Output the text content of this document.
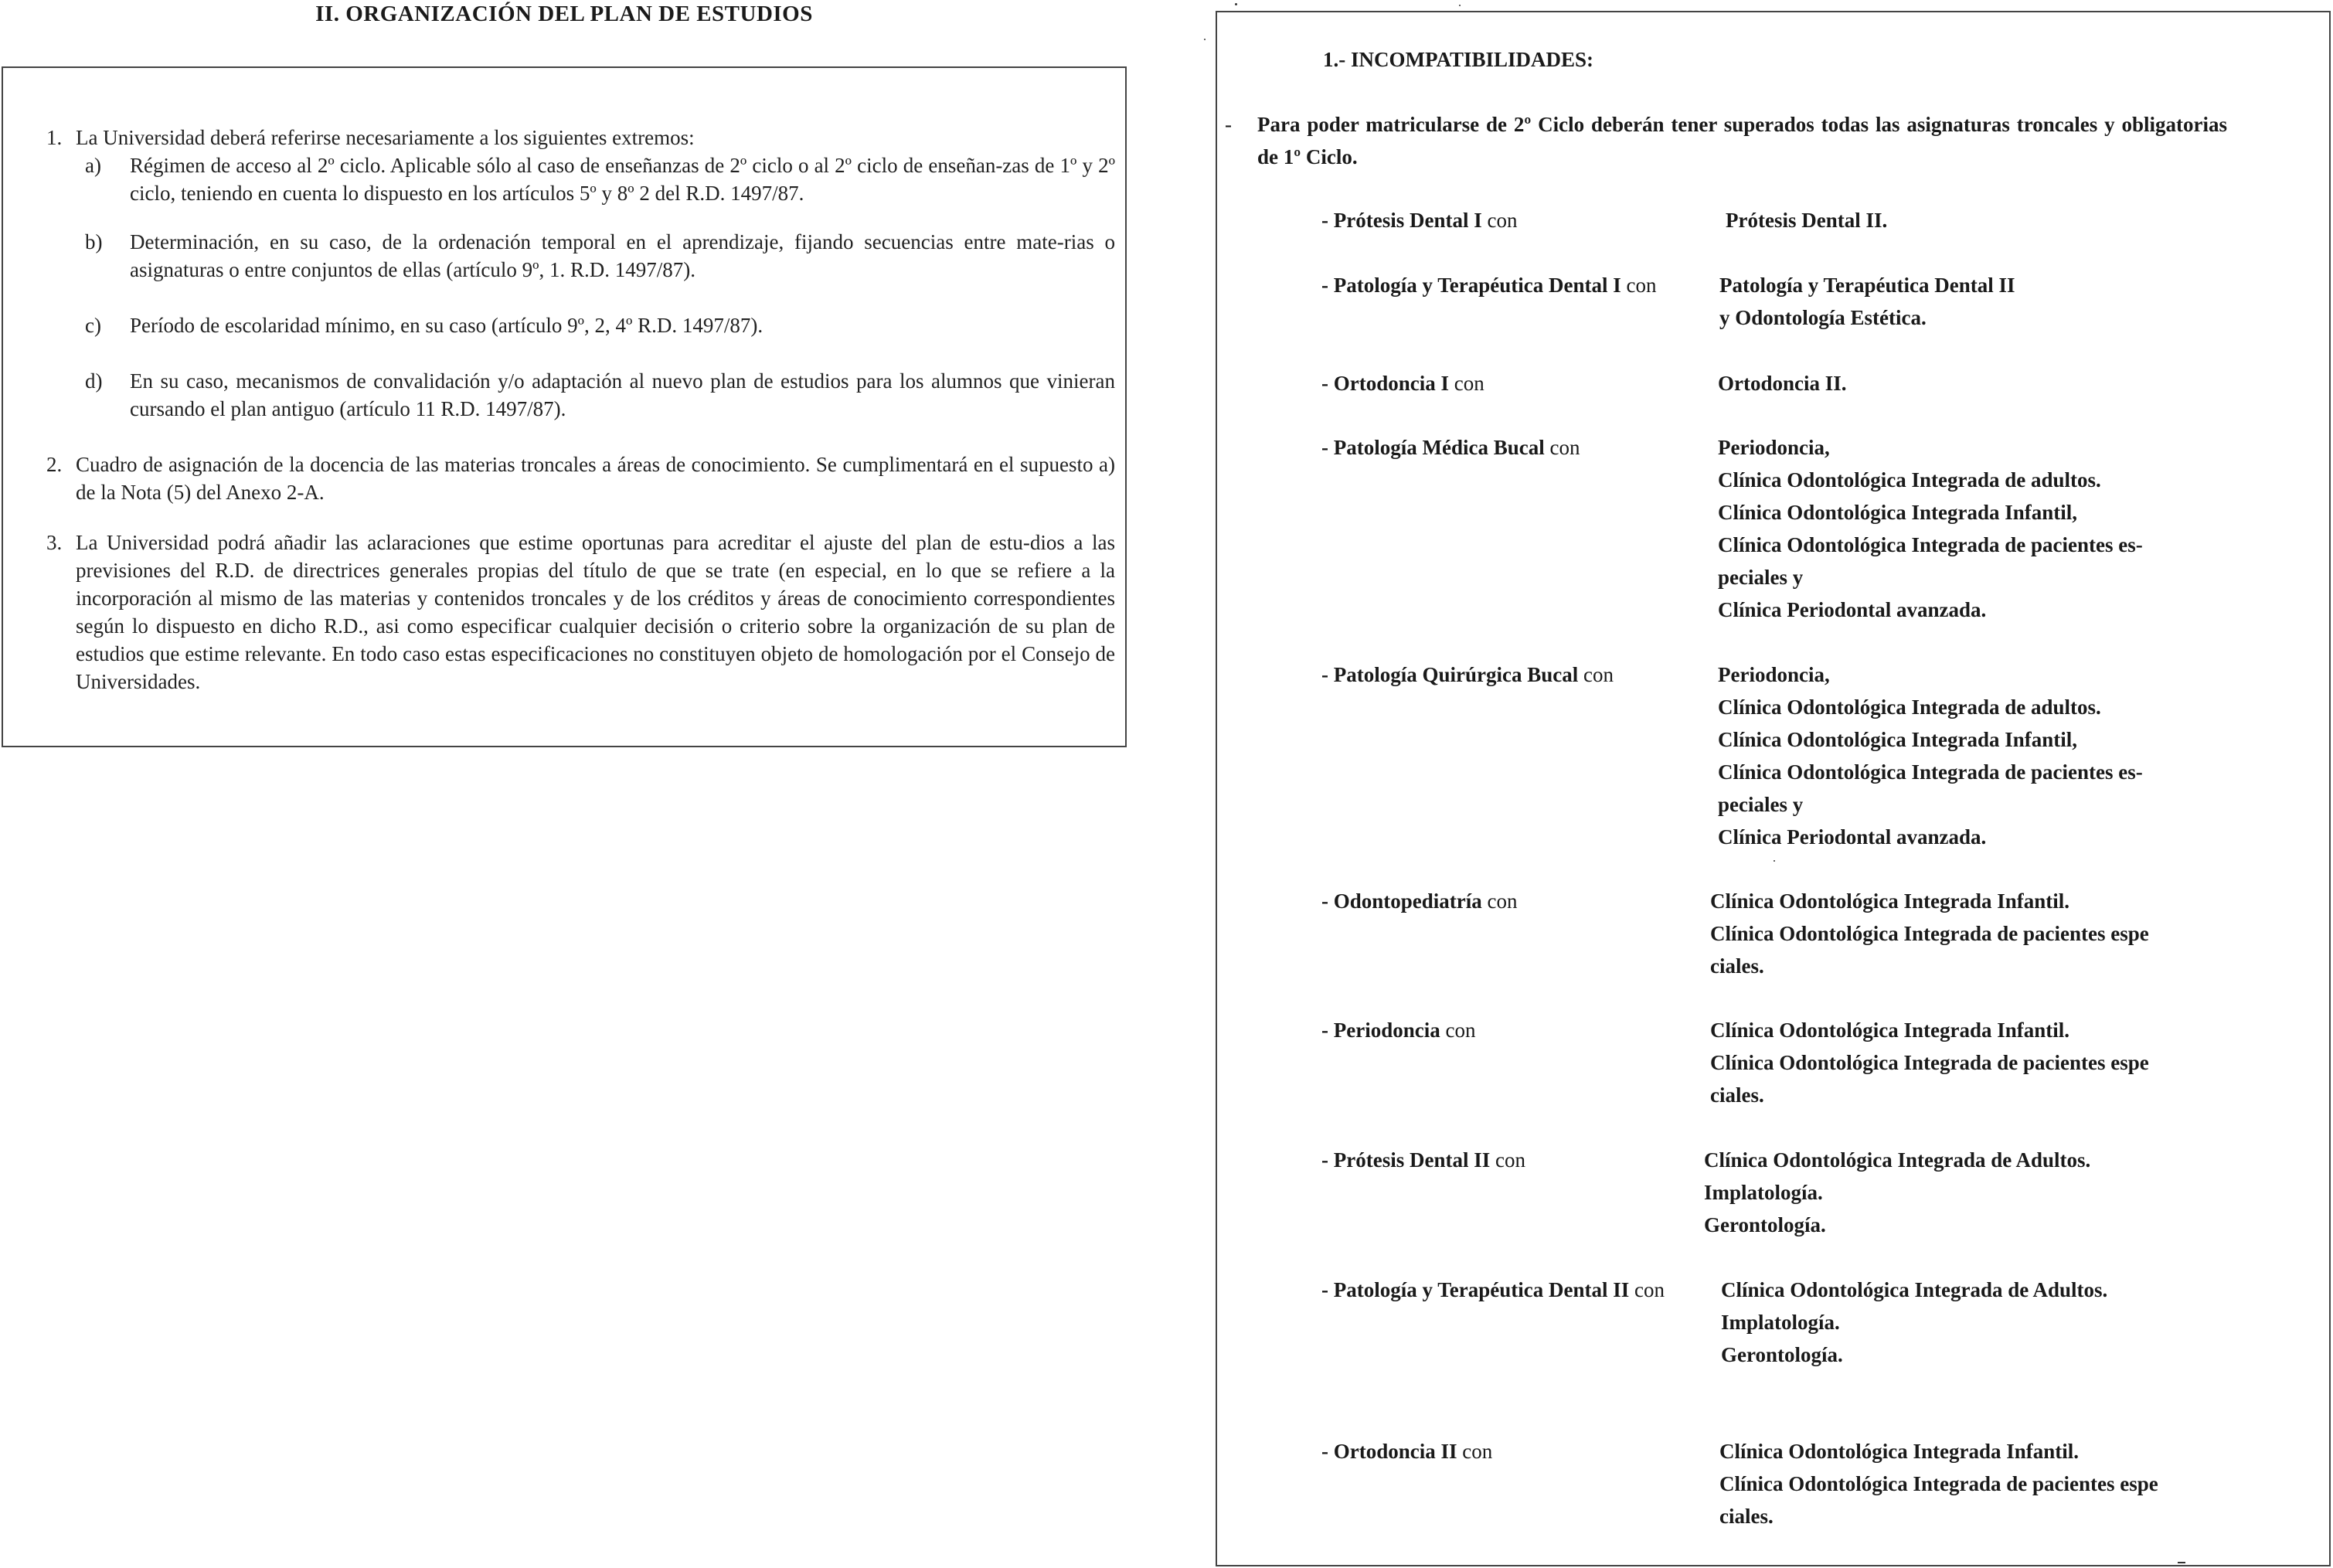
II. ORGANIZACIÓN DEL PLAN DE ESTUDIOS
1. La Universidad deberá referirse necesariamente a los siguientes extremos:
a)	Régimen de acceso al 2º ciclo. Aplicable sólo al caso de enseñanzas de 2º ciclo o al 2º ciclo de enseñan-zas de 1º y 2º ciclo, teniendo en cuenta lo dispuesto en los artículos 5º y 8º 2 del R.D. 1497/87.
b)	Determinación, en su caso, de la ordenación temporal en el aprendizaje, fijando secuencias entre mate-rias o asignaturas o entre conjuntos de ellas (artículo 9º, 1. R.D. 1497/87).
c)	Período de escolaridad mínimo, en su caso (artículo 9º, 2, 4º R.D. 1497/87).
d)	En su caso, mecanismos de convalidación y/o adaptación al nuevo plan de estudios para los alumnos que vinieran cursando el plan antiguo (artículo 11 R.D. 1497/87).
2. Cuadro de asignación de la docencia de las materias troncales a áreas de conocimiento. Se cumplimentará en el supuesto a) de la Nota (5) del Anexo 2-A.
3. La Universidad podrá añadir las aclaraciones que estime oportunas para acreditar el ajuste del plan de estu-dios a las previsiones del R.D. de directrices generales propias del título de que se trate (en especial, en lo que se refiere a la incorporación al mismo de las materias y contenidos troncales y de los créditos y áreas de conocimiento correspondientes según lo dispuesto en dicho R.D., asi como especificar cualquier decisión o criterio sobre la organización de su plan de estudios que estime relevante. En todo caso estas especificaciones no constituyen objeto de homologación por el Consejo de Universidades.
1.- INCOMPATIBILIDADES:
- Para poder matricularse de 2º Ciclo deberán tener superados todas las asignaturas troncales y obligatorias de 1º Ciclo.
- Prótesis Dental I con	Prótesis Dental II.
- Patología y Terapéutica Dental I con	Patología y Terapéutica Dental II
y Odontología Estética.
- Ortodoncia I con	Ortodoncia II.
- Patología Médica Bucal con	Periodoncia,
Clínica Odontológica Integrada de adultos.
Clínica Odontológica Integrada Infantil,
Clínica Odontológica Integrada de pacientes es-
peciales y
Clínica Periodontal avanzada.
- Patología Quirúrgica Bucal con	Periodoncia,
Clínica Odontológica Integrada de adultos.
Clínica Odontológica Integrada Infantil,
Clínica Odontológica Integrada de pacientes es-
peciales y
Clínica Periodontal avanzada.
- Odontopediatría con	Clínica Odontológica Integrada Infantil.
Clínica Odontológica Integrada de pacientes espe
ciales.
- Periodoncia con	Clínica Odontológica Integrada Infantil.
Clínica Odontológica Integrada de pacientes espe
ciales.
- Prótesis Dental II con	Clínica Odontológica Integrada de Adultos.
Implatología.
Gerontología.
- Patología y Terapéutica Dental II con	Clínica Odontológica Integrada de Adultos.
Implatología.
Gerontología.
- Ortodoncia II con	Clínica Odontológica Integrada Infantil.
Clínica Odontológica Integrada de pacientes espe
ciales.
